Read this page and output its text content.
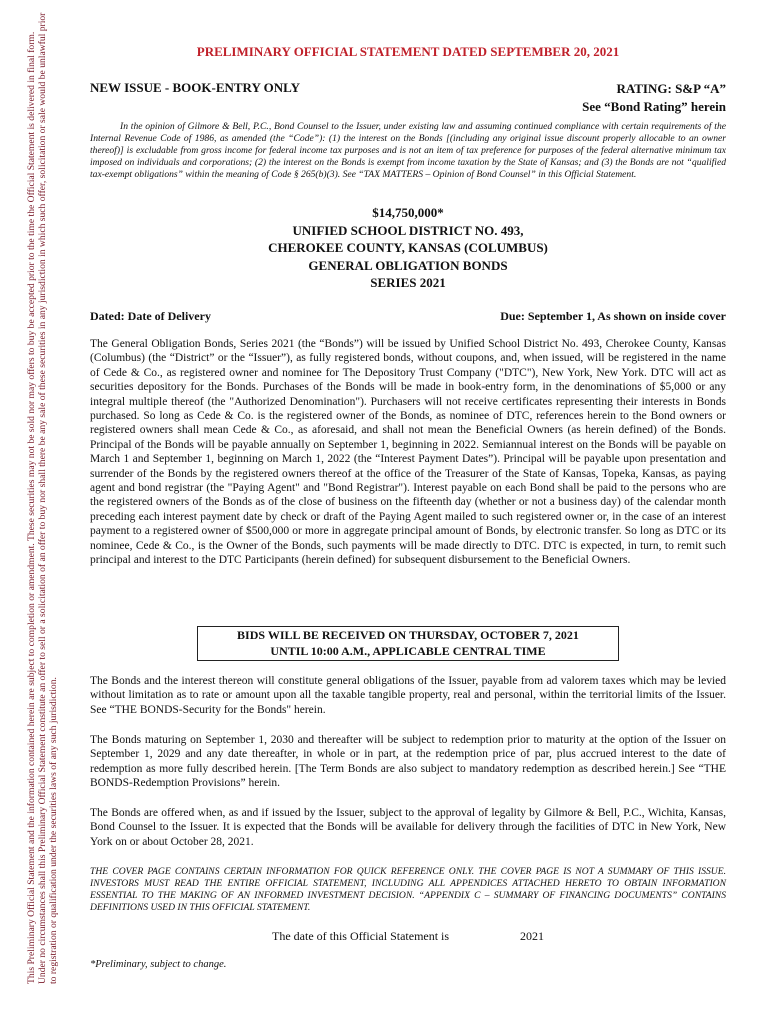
This Preliminary Official Statement and the information contained herein are subject to completion or amendment. These securities may not be sold nor may offers to buy be accepted prior to the time the Official Statement is delivered in final form. Under no circumstances shall this Preliminary Official Statement constitute an offer to sell or a solicitation of an offer to buy nor shall there be any sale of these securities in any jurisdiction in which such offer, solicitation or sale would be unlawful prior to registration or qualification under the securities laws of any such jurisdiction.
PRELIMINARY OFFICIAL STATEMENT DATED SEPTEMBER 20, 2021
NEW ISSUE - BOOK-ENTRY ONLY	RATING: S&P “A”
See “Bond Rating” herein
In the opinion of Gilmore & Bell, P.C., Bond Counsel to the Issuer, under existing law and assuming continued compliance with certain requirements of the Internal Revenue Code of 1986, as amended (the “Code”): (1) the interest on the Bonds [(including any original issue discount properly allocable to an owner thereof)] is excludable from gross income for federal income tax purposes and is not an item of tax preference for purposes of the federal alternative minimum tax imposed on individuals and corporations; (2) the interest on the Bonds is exempt from income taxation by the State of Kansas; and (3) the Bonds are not “qualified tax-exempt obligations” within the meaning of Code § 265(b)(3). See “TAX MATTERS – Opinion of Bond Counsel” in this Official Statement.
$14,750,000*
UNIFIED SCHOOL DISTRICT NO. 493,
CHEROKEE COUNTY, KANSAS (COLUMBUS)
GENERAL OBLIGATION BONDS
SERIES 2021
Dated: Date of Delivery	Due: September 1, As shown on inside cover
The General Obligation Bonds, Series 2021 (the “Bonds”) will be issued by Unified School District No. 493, Cherokee County, Kansas (Columbus) (the “District” or the “Issuer”), as fully registered bonds, without coupons, and, when issued, will be registered in the name of Cede & Co., as registered owner and nominee for The Depository Trust Company ("DTC"), New York, New York. DTC will act as securities depository for the Bonds. Purchases of the Bonds will be made in book-entry form, in the denominations of $5,000 or any integral multiple thereof (the "Authorized Denomination"). Purchasers will not receive certificates representing their interests in Bonds purchased. So long as Cede & Co. is the registered owner of the Bonds, as nominee of DTC, references herein to the Bond owners or registered owners shall mean Cede & Co., as aforesaid, and shall not mean the Beneficial Owners (as herein defined) of the Bonds. Principal of the Bonds will be payable annually on September 1, beginning in 2022. Semiannual interest on the Bonds will be payable on March 1 and September 1, beginning on March 1, 2022 (the “Interest Payment Dates”). Principal will be payable upon presentation and surrender of the Bonds by the registered owners thereof at the office of the Treasurer of the State of Kansas, Topeka, Kansas, as paying agent and bond registrar (the "Paying Agent" and "Bond Registrar"). Interest payable on each Bond shall be paid to the persons who are the registered owners of the Bonds as of the close of business on the fifteenth day (whether or not a business day) of the calendar month preceding each interest payment date by check or draft of the Paying Agent mailed to such registered owner or, in the case of an interest payment to a registered owner of $500,000 or more in aggregate principal amount of Bonds, by electronic transfer. So long as DTC or its nominee, Cede & Co., is the Owner of the Bonds, such payments will be made directly to DTC. DTC is expected, in turn, to remit such principal and interest to the DTC Participants (herein defined) for subsequent disbursement to the Beneficial Owners.
BIDS WILL BE RECEIVED ON THURSDAY, OCTOBER 7, 2021
UNTIL 10:00 A.M., APPLICABLE CENTRAL TIME
The Bonds and the interest thereon will constitute general obligations of the Issuer, payable from ad valorem taxes which may be levied without limitation as to rate or amount upon all the taxable tangible property, real and personal, within the territorial limits of the Issuer. See “THE BONDS-Security for the Bonds" herein.
The Bonds maturing on September 1, 2030 and thereafter will be subject to redemption prior to maturity at the option of the Issuer on September 1, 2029 and any date thereafter, in whole or in part, at the redemption price of par, plus accrued interest to the date of redemption as more fully described herein. [The Term Bonds are also subject to mandatory redemption as described herein.] See “THE BONDS-Redemption Provisions” herein.
The Bonds are offered when, as and if issued by the Issuer, subject to the approval of legality by Gilmore & Bell, P.C., Wichita, Kansas, Bond Counsel to the Issuer. It is expected that the Bonds will be available for delivery through the facilities of DTC in New York, New York on or about October 28, 2021.
THE COVER PAGE CONTAINS CERTAIN INFORMATION FOR QUICK REFERENCE ONLY. THE COVER PAGE IS NOT A SUMMARY OF THIS ISSUE. INVESTORS MUST READ THE ENTIRE OFFICIAL STATEMENT, INCLUDING ALL APPENDICES ATTACHED HERETO TO OBTAIN INFORMATION ESSENTIAL TO THE MAKING OF AN INFORMED INVESTMENT DECISION. “APPENDIX C – SUMMARY OF FINANCING DOCUMENTS” CONTAINS DEFINITIONS USED IN THIS OFFICIAL STATEMENT.
The date of this Official Statement is	2021
*Preliminary, subject to change.
